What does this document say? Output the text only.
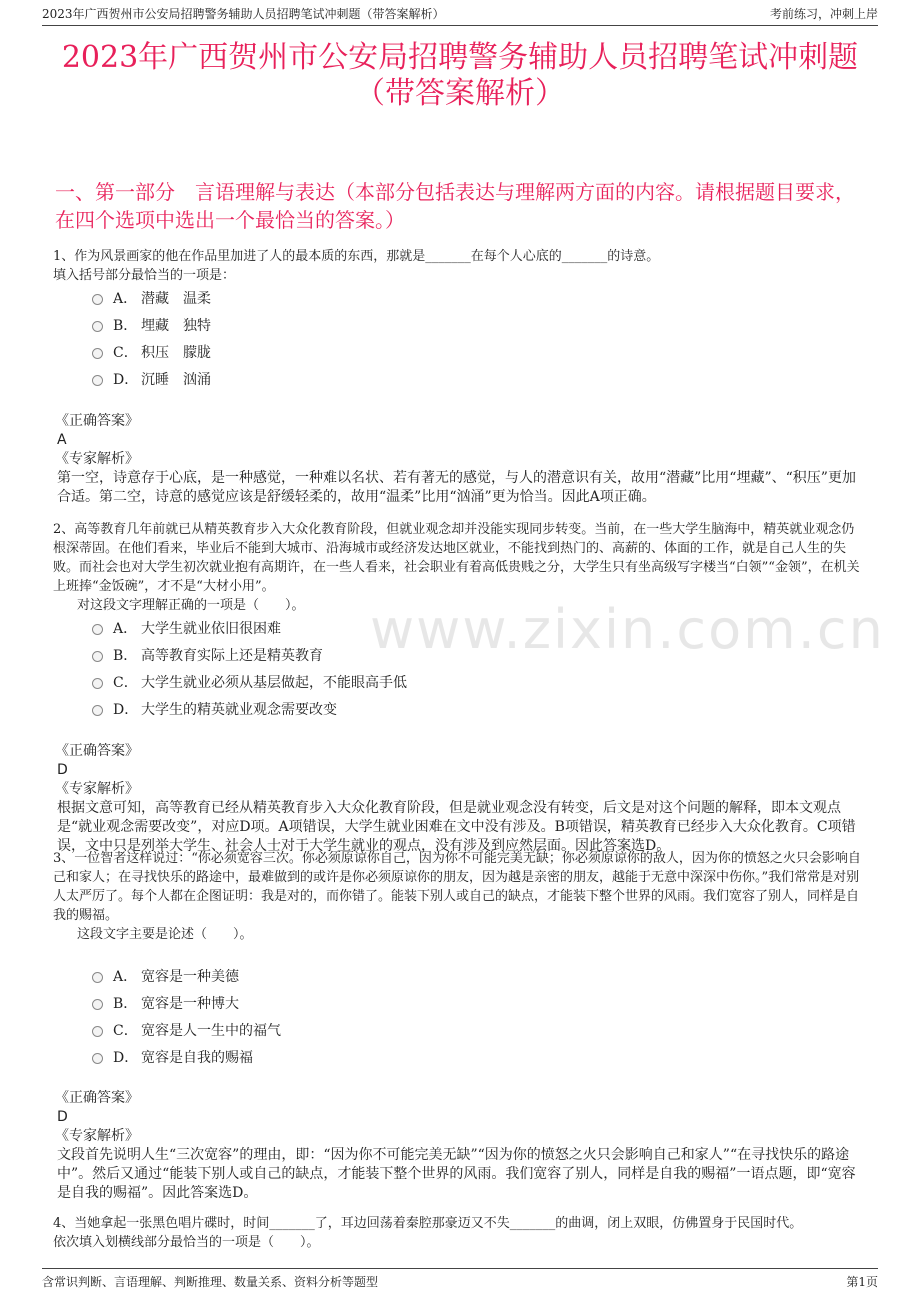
2023年广西贺州市公安局招聘警务辅助人员招聘笔试冲刺题（带答案解析）	考前练习，冲刺上岸
2023年广西贺州市公安局招聘警务辅助人员招聘笔试冲刺题
（带答案解析）
一、第一部分　言语理解与表达（本部分包括表达与理解两方面的内容。请根据题目要求，在四个选项中选出一个最恰当的答案。）
www.zixin.com.cn
1、作为风景画家的他在作品里加进了人的最本质的东西，那就是_______在每个人心底的_______的诗意。
填入括号部分最恰当的一项是：
A． 潜藏　温柔
B． 埋藏　独特
C． 积压　朦胧
D． 沉睡　汹涌
《正确答案》
A
《专家解析》
第一空，诗意存于心底，是一种感觉，一种难以名状、若有著无的感觉，与人的潜意识有关，故用“潜藏”比用“埋藏”、“积压”更加合适。第二空，诗意的感觉应该是舒缓轻柔的，故用“温柔”比用“汹涌”更为恰当。因此A项正确。
2、高等教育几年前就已从精英教育步入大众化教育阶段，但就业观念却并没能实现同步转变。当前，在一些大学生脑海中，精英就业观念仍根深蒂固。在他们看来，毕业后不能到大城市、沿海城市或经济发达地区就业，不能找到热门的、高薪的、体面的工作，就是自己人生的失败。而社会也对大学生初次就业抱有高期许，在一些人看来，社会职业有着高低贵贱之分，大学生只有坐高级写字楼当“白领”“金领”，在机关上班捧“金饭碗”，才不是“大材小用”。
对这段文字理解正确的一项是（　　）。
A． 大学生就业依旧很困难
B． 高等教育实际上还是精英教育
C． 大学生就业必须从基层做起，不能眼高手低
D． 大学生的精英就业观念需要改变
《正确答案》
D
《专家解析》
根据文意可知，高等教育已经从精英教育步入大众化教育阶段，但是就业观念没有转变，后文是对这个问题的解释，即本文观点是“就业观念需要改变”，对应D项。A项错误，大学生就业困难在文中没有涉及。B项错误，精英教育已经步入大众化教育。C项错误，文中只是列举大学生、社会人士对于大学生就业的观点，没有涉及到应然层面。因此答案选D。
3、一位智者这样说过：“你必须宽容三次。你必须原谅你自己，因为你不可能完美无缺；你必须原谅你的敌人，因为你的愤怒之火只会影响自己和家人；在寻找快乐的路途中，最难做到的或许是你必须原谅你的朋友，因为越是亲密的朋友，越能于无意中深深中伤你。”我们常常是对别人太严厉了。每个人都在企图证明：我是对的，而你错了。能装下别人或自己的缺点，才能装下整个世界的风雨。我们宽容了别人，同样是自我的赐福。
这段文字主要是论述（　　）。
A． 宽容是一种美德
B． 宽容是一种博大
C． 宽容是人一生中的福气
D． 宽容是自我的赐福
《正确答案》
D
《专家解析》
文段首先说明人生“三次宽容”的理由，即：“因为你不可能完美无缺”“因为你的愤怒之火只会影响自己和家人”“在寻找快乐的路途中”。然后又通过“能装下别人或自己的缺点，才能装下整个世界的风雨。我们宽容了别人，同样是自我的赐福”一语点题，即“宽容是自我的赐福”。因此答案选D。
4、当她拿起一张黑色唱片碟时，时间_______了，耳边回荡着秦腔那豪迈又不失_______的曲调，闭上双眼，仿佛置身于民国时代。
依次填入划横线部分最恰当的一项是（　　）。
含常识判断、言语理解、判断推理、数量关系、资料分析等题型	第1页
